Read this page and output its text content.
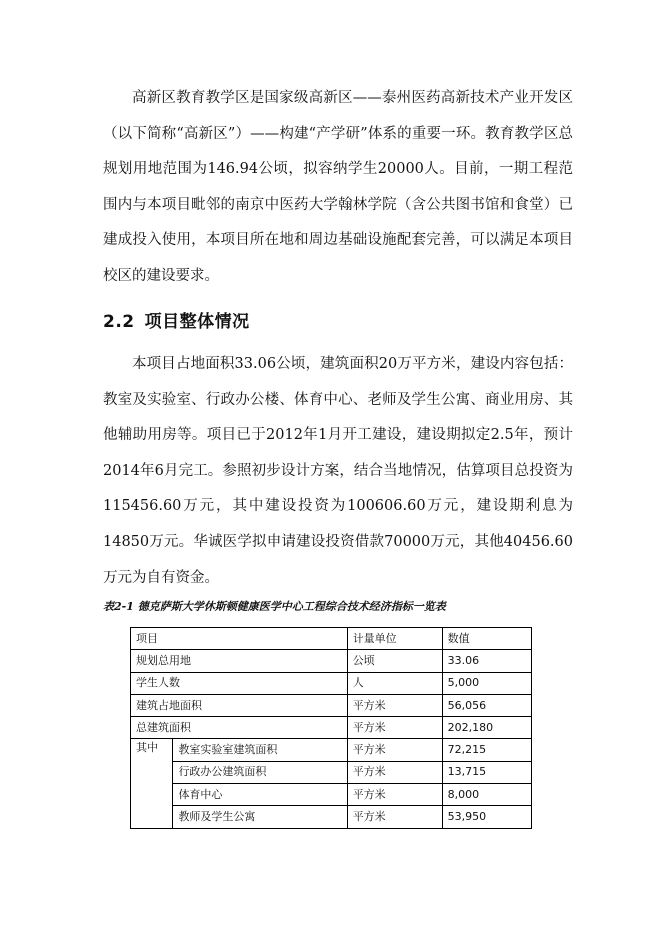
高新区教育教学区是国家级高新区——泰州医药高新技术产业开发区（以下简称“高新区”）——构建“产学研”体系的重要一环。教育教学区总规划用地范围为146.94公顷，拟容纳学生20000人。目前，一期工程范围内与本项目毗邻的南京中医药大学翰林学院（含公共图书馆和食堂）已建成投入使用，本项目所在地和周边基础设施配套完善，可以满足本项目校区的建设要求。

2.2 项目整体情况

本项目占地面积33.06公顷，建筑面积20万平方米，建设内容包括：教室及实验室、行政办公楼、体育中心、老师及学生公寓、商业用房、其他辅助用房等。项目已于2012年1月开工建设，建设期拟定2.5年，预计2014年6月完工。参照初步设计方案，结合当地情况，估算项目总投资为115456.60万元，其中建设投资为100606.60万元，建设期利息为14850万元。华诚医学拟申请建设投资借款70000万元，其他40456.60万元为自有资金。

表2-1 德克萨斯大学休斯顿健康医学中心工程综合技术经济指标一览表

项目		计量单位	数值
规划总用地		公顷	33.06
学生人数		人	5,000
建筑占地面积		平方米	56,056
总建筑面积		平方米	202,180
其中	教室实验室建筑面积	平方米	72,215
	行政办公建筑面积	平方米	13,715
	体育中心	平方米	8,000
	教师及学生公寓	平方米	53,950
